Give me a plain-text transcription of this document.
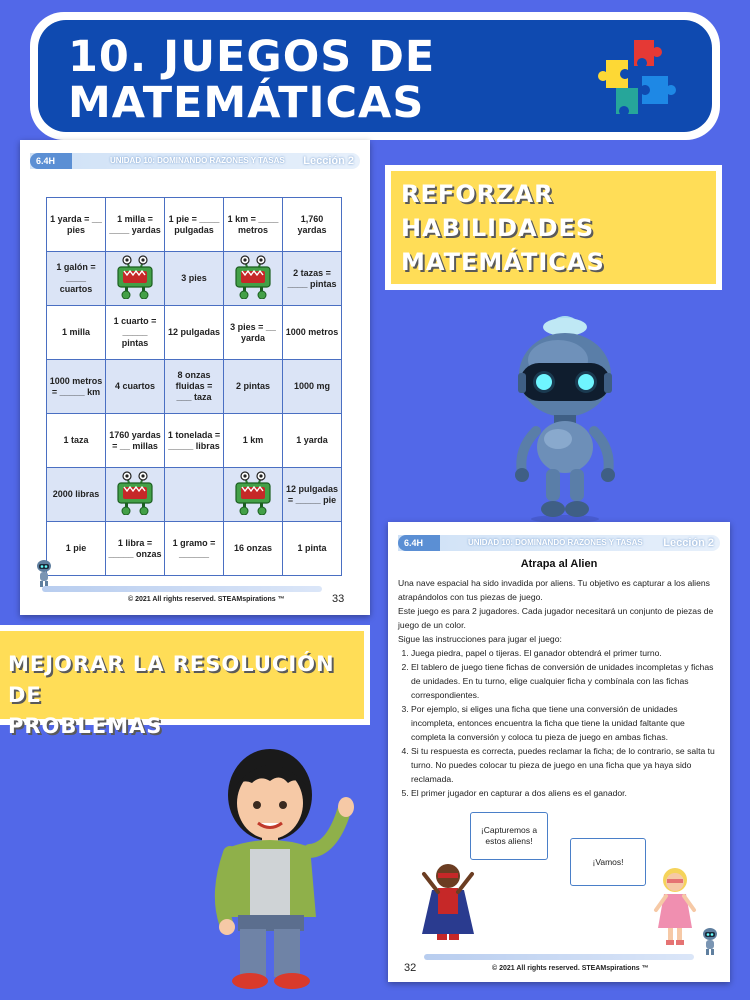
10. JUEGOS DE
MATEMÁTICAS
REFORZAR
HABILIDADES
MATEMÁTICAS
6.4H	UNIDAD 10: DOMINANDO RAZONES Y TASAS Lección 2
1 yarda = __ pies	1 milla = ____ yardas	1 pie = ____ pulgadas	1 km = ____ metros	1,760 yardas
1 galón = ____ cuartos		3 pies		2 tazas = ____ pintas
1 milla	1 cuarto = _____ pintas	12 pulgadas	3 pies = __ yarda	1000 metros
1000 metros = _____ km	4 cuartos	8 onzas fluidas = ___ taza	2 pintas	1000 mg
1 taza	1760 yardas = __ millas	1 tonelada = _____ libras	1 km	1 yarda
2000 libras				12 pulgadas = _____ pie
1 pie	1 libra = _____ onzas	1 gramo = ______	16 onzas	1 pinta
© 2021 All rights reserved. STEAMspirations ™	33
MEJORAR LA RESOLUCIÓN DE
PROBLEMAS
6.4H	UNIDAD 10: DOMINANDO RAZONES Y TASAS Lección 2
Atrapa al Alien

Una nave espacial ha sido invadida por aliens. Tu objetivo es capturar a los aliens atrapándolos con tus piezas de juego.

Este juego es para 2 jugadores. Cada jugador necesitará un conjunto de piezas de juego de un color.

Sigue las instrucciones para jugar el juego:

1. Juega piedra, papel o tijeras. El ganador obtendrá el primer turno.
2. El tablero de juego tiene fichas de conversión de unidades incompletas y fichas de unidades. En tu turno, elige cualquier ficha y combínala con las fichas correspondientes.
3. Por ejemplo, si eliges una ficha que tiene una conversión de unidades incompleta, entonces encuentra la ficha que tiene la unidad faltante que completa la conversión y coloca tu pieza de juego en ambas fichas.
4. Si tu respuesta es correcta, puedes reclamar la ficha; de lo contrario, se salta tu turno. No puedes colocar tu pieza de juego en una ficha que ya haya sido reclamada.
5. El primer jugador en capturar a dos aliens es el ganador.
¡Capturemos a estos aliens!
¡Vamos!
32	© 2021 All rights reserved. STEAMspirations ™
